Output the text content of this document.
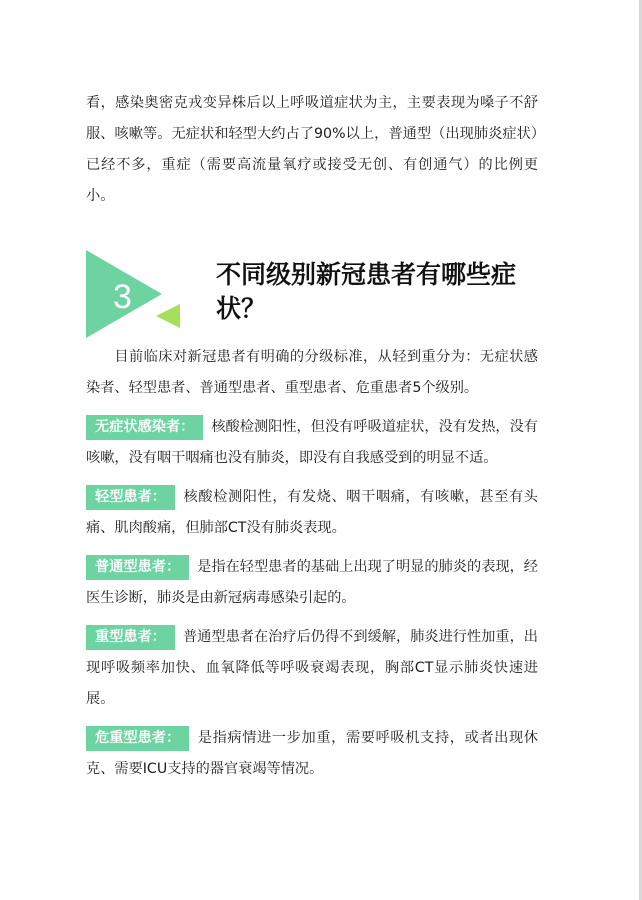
看，感染奥密克戎变异株后以上呼吸道症状为主，主要表现为嗓子不舒服、咳嗽等。无症状和轻型大约占了90%以上，普通型（出现肺炎症状）已经不多，重症（需要高流量氧疗或接受无创、有创通气）的比例更小。

3
不同级别新冠患者有哪些症状？

目前临床对新冠患者有明确的分级标准，从轻到重分为：无症状感染者、轻型患者、普通型患者、重型患者、危重患者5个级别。

无症状感染者： 核酸检测阳性，但没有呼吸道症状，没有发热，没有咳嗽，没有咽干咽痛也没有肺炎，即没有自我感受到的明显不适。

轻型患者： 核酸检测阳性，有发烧、咽干咽痛，有咳嗽，甚至有头痛、肌肉酸痛，但肺部CT没有肺炎表现。

普通型患者： 是指在轻型患者的基础上出现了明显的肺炎的表现，经医生诊断，肺炎是由新冠病毒感染引起的。

重型患者： 普通型患者在治疗后仍得不到缓解，肺炎进行性加重，出现呼吸频率加快、血氧降低等呼吸衰竭表现，胸部CT显示肺炎快速进展。

危重型患者： 是指病情进一步加重，需要呼吸机支持，或者出现休克、需要ICU支持的器官衰竭等情况。
